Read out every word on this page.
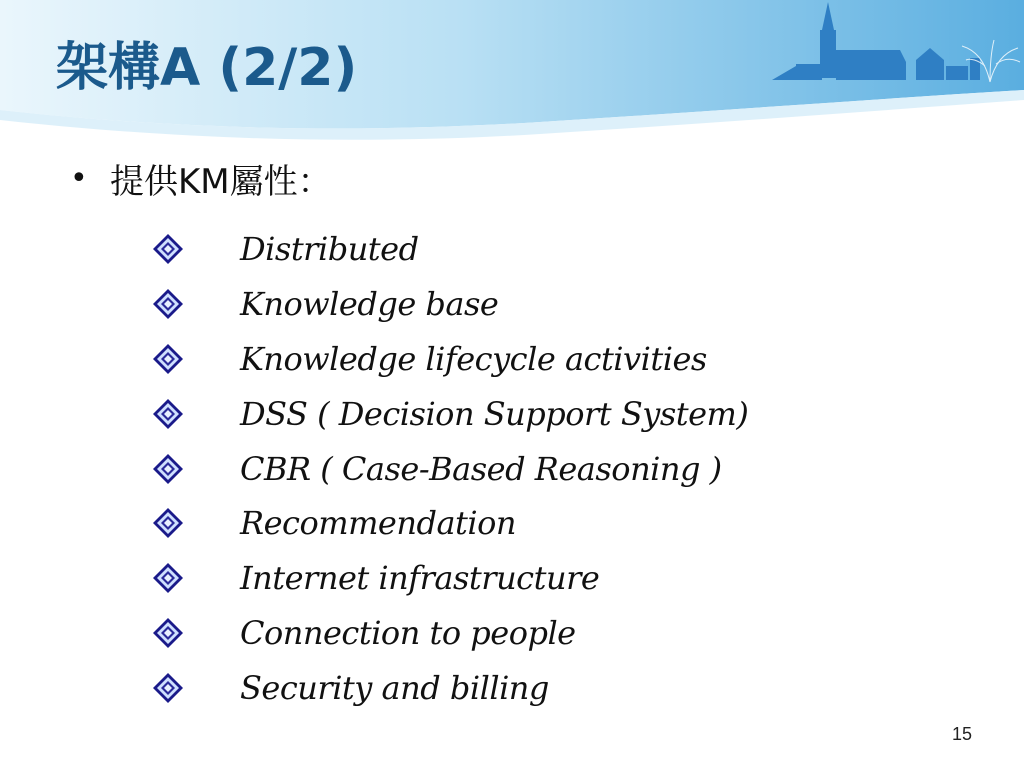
架構A (2/2)
• 提供KM屬性：
Distributed
Knowledge base
Knowledge lifecycle activities
DSS ( Decision Support System)
CBR ( Case-Based Reasoning )
Recommendation
Internet infrastructure
Connection to people
Security and billing
15
